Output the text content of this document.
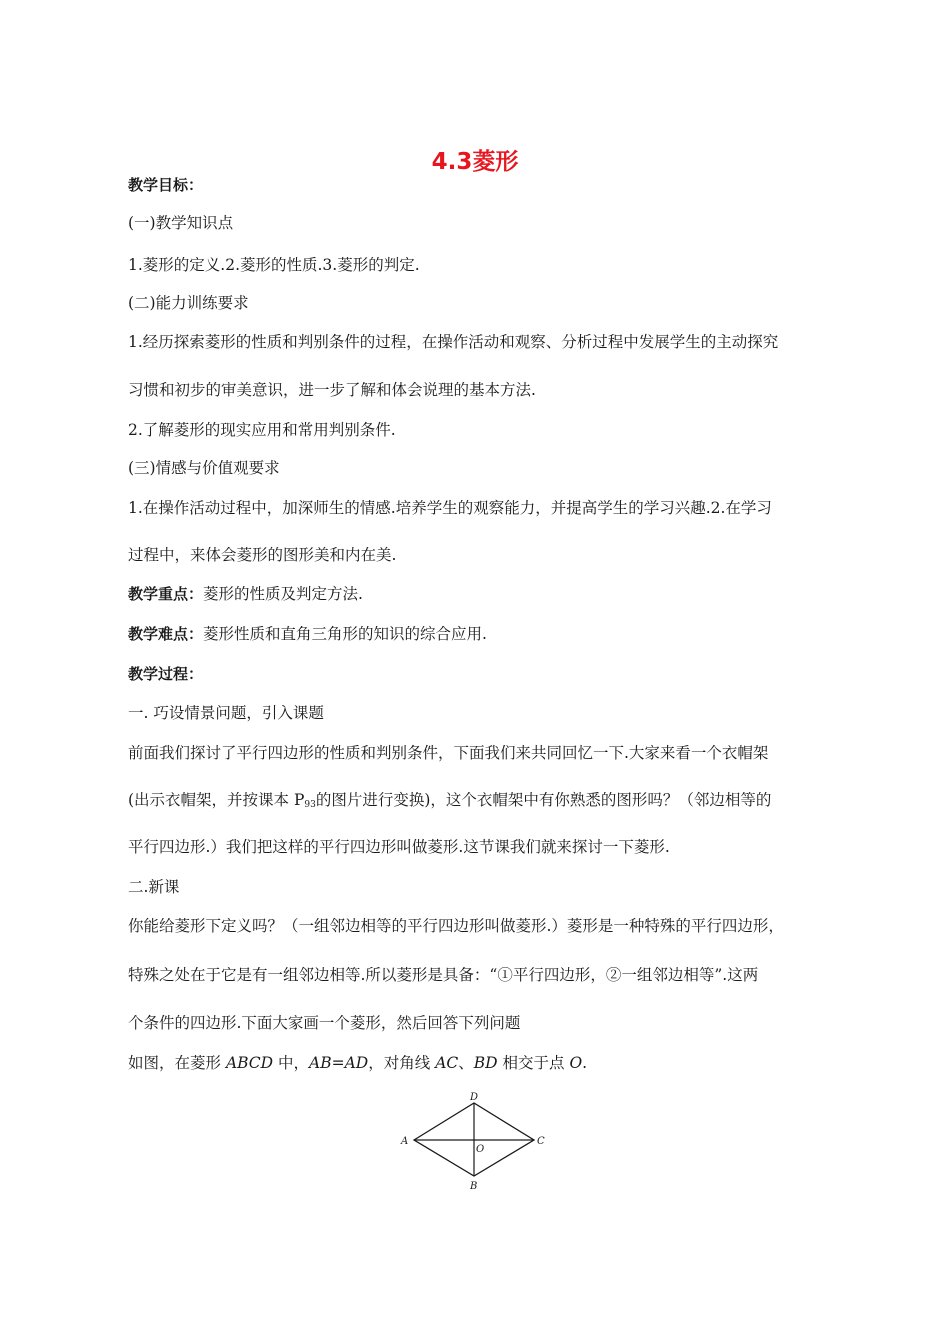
4.3菱形
教学目标：
(一)教学知识点
1.菱形的定义.2.菱形的性质.3.菱形的判定.
(二)能力训练要求
1.经历探索菱形的性质和判别条件的过程，在操作活动和观察、分析过程中发展学生的主动探究
习惯和初步的审美意识，进一步了解和体会说理的基本方法.
2.了解菱形的现实应用和常用判别条件.
(三)情感与价值观要求
1.在操作活动过程中，加深师生的情感.培养学生的观察能力，并提高学生的学习兴趣.2.在学习
过程中，来体会菱形的图形美和内在美.
教学重点：菱形的性质及判定方法.
教学难点：菱形性质和直角三角形的知识的综合应用.
教学过程：
一. 巧设情景问题，引入课题
前面我们探讨了平行四边形的性质和判别条件，下面我们来共同回忆一下.大家来看一个衣帽架
(出示衣帽架，并按课本 $P_{93}$的图片进行变换)，这个衣帽架中有你熟悉的图形吗？（邻边相等的
平行四边形.）我们把这样的平行四边形叫做菱形.这节课我们就来探讨一下菱形.
二.新课
你能给菱形下定义吗？（一组邻边相等的平行四边形叫做菱形.）菱形是一种特殊的平行四边形，
特殊之处在于它是有一组邻边相等.所以菱形是具备：“①平行四边形，②一组邻边相等”.这两
个条件的四边形.下面大家画一个菱形，然后回答下列问题
如图，在菱形 ABCD 中，AB=AD，对角线 AC、BD 相交于点 O.
A
B
C
D
O
